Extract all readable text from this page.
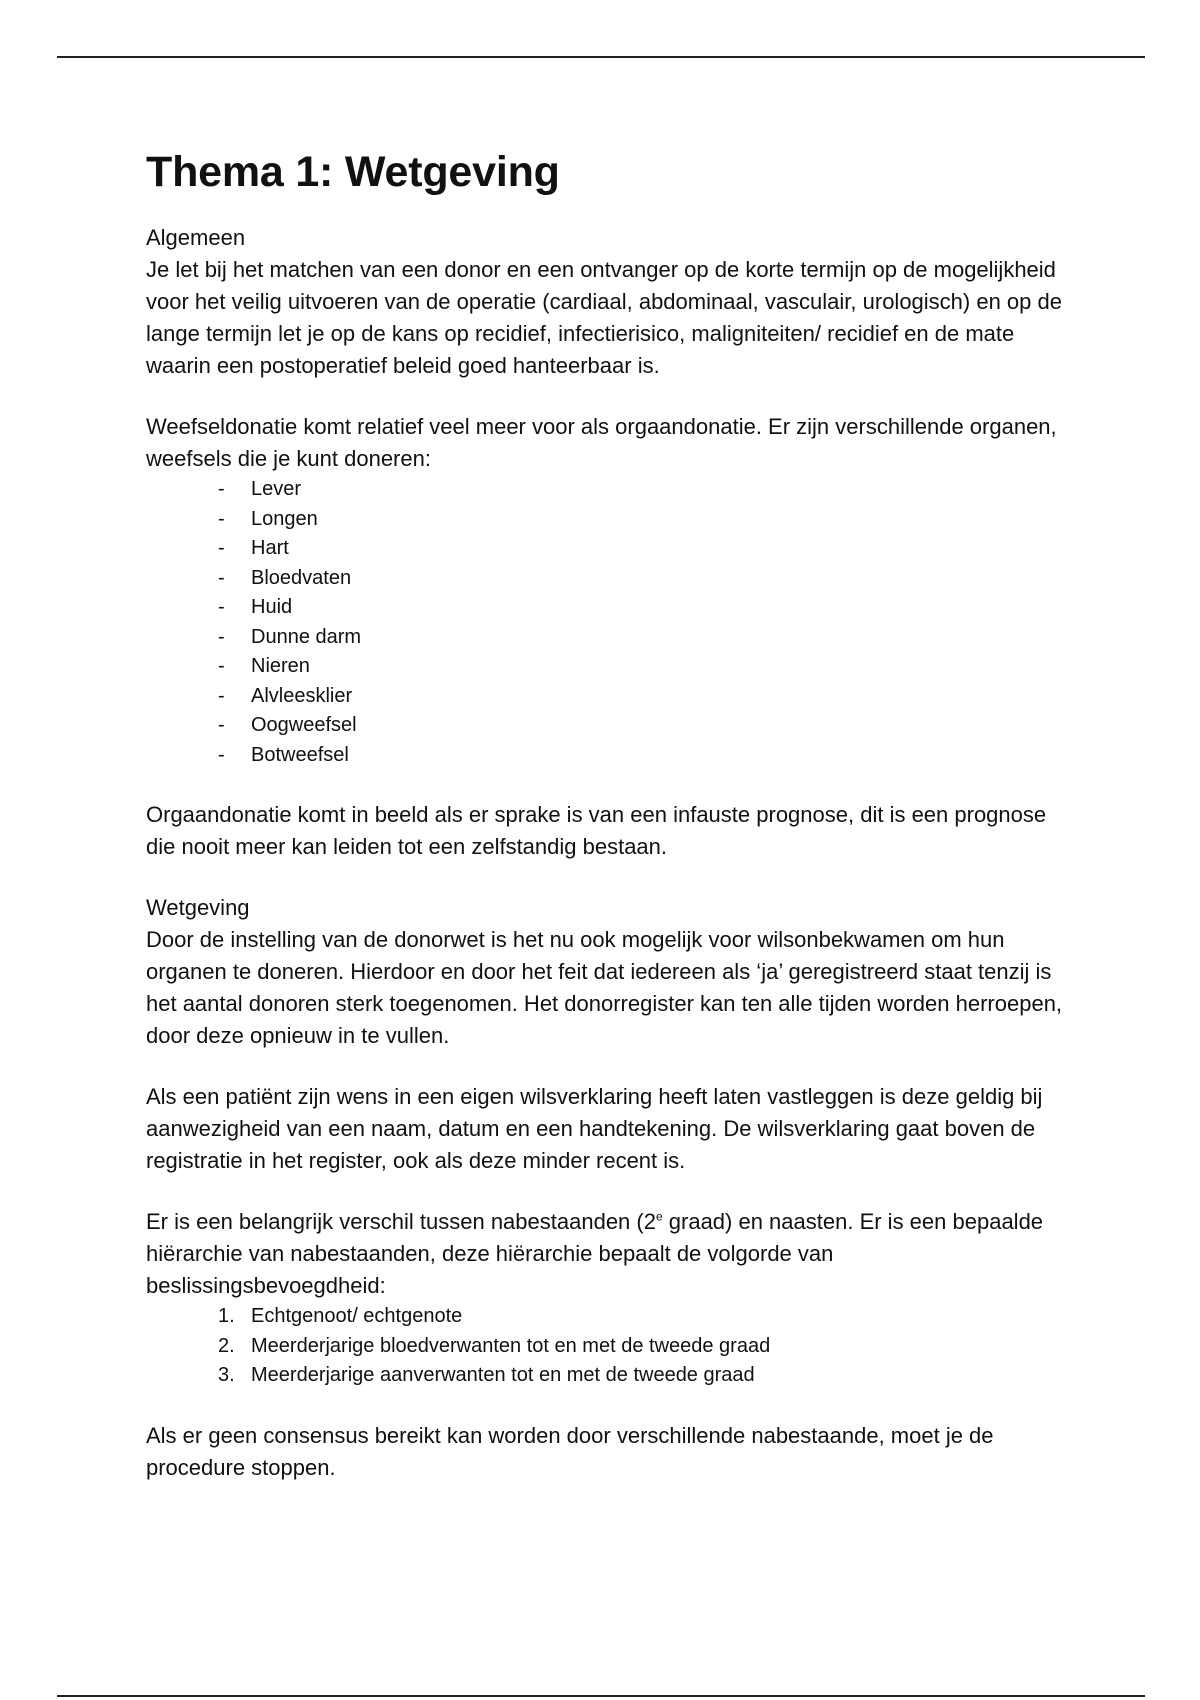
Thema 1: Wetgeving

Algemeen

Je let bij het matchen van een donor en een ontvanger op de korte termijn op de mogelijkheid voor het veilig uitvoeren van de operatie (cardiaal, abdominaal, vasculair, urologisch) en op de lange termijn let je op de kans op recidief, infectierisico, maligniteiten/ recidief en de mate waarin een postoperatief beleid goed hanteerbaar is.

Weefseldonatie komt relatief veel meer voor als orgaandonatie. Er zijn verschillende organen, weefsels die je kunt doneren:

- Lever
- Longen
- Hart
- Bloedvaten
- Huid
- Dunne darm
- Nieren
- Alvleesklier
- Oogweefsel
- Botweefsel

Orgaandonatie komt in beeld als er sprake is van een infauste prognose, dit is een prognose die nooit meer kan leiden tot een zelfstandig bestaan.

Wetgeving

Door de instelling van de donorwet is het nu ook mogelijk voor wilsonbekwamen om hun organen te doneren. Hierdoor en door het feit dat iedereen als ‘ja’ geregistreerd staat tenzij is het aantal donoren sterk toegenomen. Het donorregister kan ten alle tijden worden herroepen, door deze opnieuw in te vullen.

Als een patiënt zijn wens in een eigen wilsverklaring heeft laten vastleggen is deze geldig bij aanwezigheid van een naam, datum en een handtekening. De wilsverklaring gaat boven de registratie in het register, ook als deze minder recent is.

Er is een belangrijk verschil tussen nabestaanden (2e graad) en naasten. Er is een bepaalde hiërarchie van nabestaanden, deze hiërarchie bepaalt de volgorde van beslissingsbevoegdheid:

1. Echtgenoot/ echtgenote
2. Meerderjarige bloedverwanten tot en met de tweede graad
3. Meerderjarige aanverwanten tot en met de tweede graad

Als er geen consensus bereikt kan worden door verschillende nabestaande, moet je de procedure stoppen.
